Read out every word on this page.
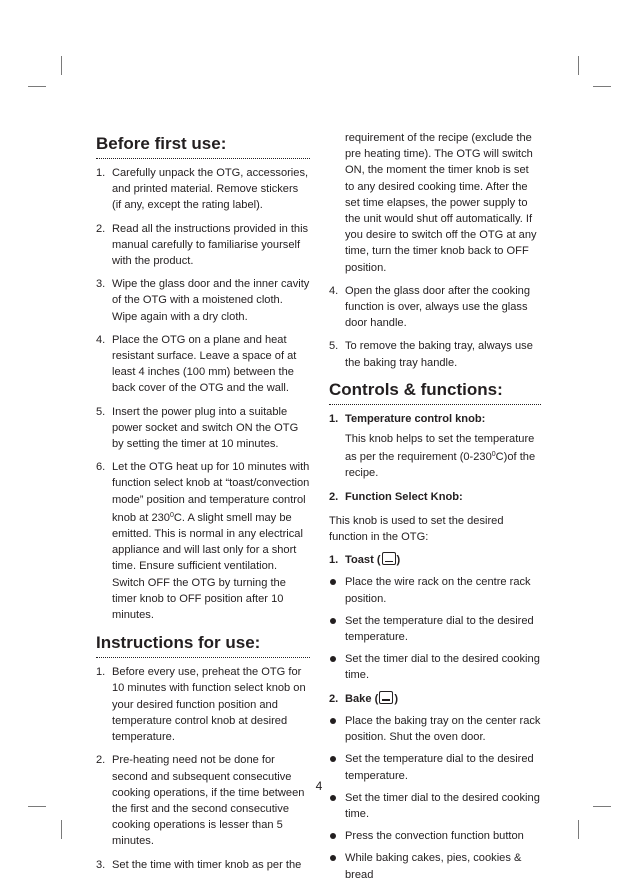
Before first use:
1. Carefully unpack the OTG, accessories, and printed material. Remove stickers (if any, except the rating label).
2. Read all the instructions provided in this manual carefully to familiarise yourself with the product.
3. Wipe the glass door and the inner cavity of the OTG with a moistened cloth. Wipe again with a dry cloth.
4. Place the OTG on a plane and heat resistant surface. Leave a space of at least 4 inches (100 mm) between the back cover of the OTG and the wall.
5. Insert the power plug into a suitable power socket and switch ON the OTG by setting the timer at 10 minutes.
6. Let the OTG heat up for 10 minutes with function select knob at “toast/convection mode” position and temperature control knob at $230^0C$. A slight smell may be emitted. This is normal in any electrical appliance and will last only for a short time. Ensure sufficient ventilation. Switch OFF the OTG by turning the timer knob to OFF position after 10 minutes.
Instructions for use:
1. Before every use, preheat the OTG for 10 minutes with function select knob on your desired function position and temperature control knob at desired temperature.
2. Pre-heating need not be done for second and subsequent consecutive cooking operations, if the time between the first and the second consecutive cooking operations is lesser than 5 minutes.
3. Set the time with timer knob as per the
requirement of the recipe (exclude the pre heating time). The OTG will switch ON, the moment the timer knob is set to any desired cooking time. After the set time elapses, the power supply to the unit would shut off automatically. If you desire to switch off the OTG at any time, turn the timer knob back to OFF position.
4. Open the glass door after the cooking function is over, always use the glass door handle.
5. To remove the baking tray, always use the baking tray handle.
Controls & functions:
1. Temperature control knob:
This knob helps to set the temperature as per the requirement $(0-230^0C)of$ the recipe.
2. Function Select Knob:
This knob is used to set the desired function in the OTG:
1. Toast ( )
Place the wire rack on the centre rack position.
Set the temperature dial to the desired temperature.
Set the timer dial to the desired cooking time.
2. Bake ( )
Place the baking tray on the center rack position. Shut the oven door.
Set the temperature dial to the desired temperature.
Set the timer dial to the desired cooking time.
Press the convection function button
While baking cakes, pies, cookies & bread
4
